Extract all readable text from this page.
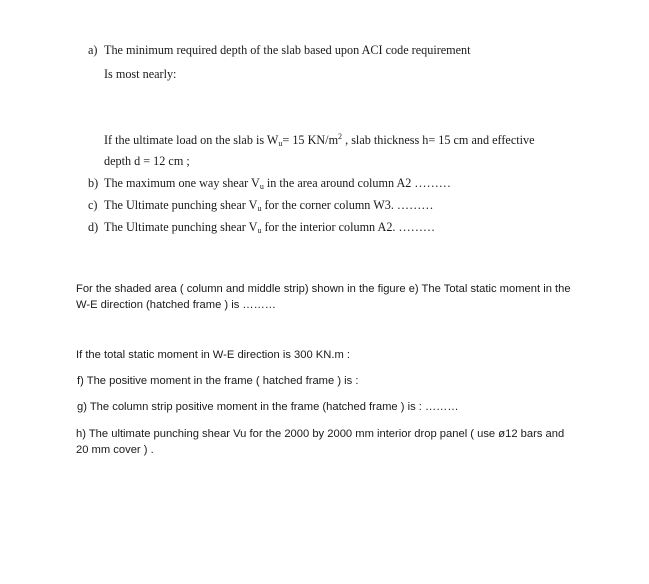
a) The minimum required depth of the slab based upon ACI code requirement
Is most nearly:
If the ultimate load on the slab is $W_u= 15$ $KN/m^2$ , slab thickness h= 15 cm and effective
depth d = 12 cm ;
b) The maximum one way shear $V_u$ in the area around column A2 ………
c) The Ultimate punching shear $V_u$ for the corner column W3. ………
d) The Ultimate punching shear $V_u$ for the interior column A2. ………
For the shaded area ( column and middle strip) shown in the figure e) The Total static moment in the W-E direction (hatched frame ) is ………
If the total static moment in W-E direction is 300 KN.m :
f) The positive moment in the frame ( hatched frame ) is :
g) The column strip positive moment in the frame (hatched frame ) is : ………
h) The ultimate punching shear Vu for the 2000 by 2000 mm interior drop panel ( use ø12 bars and 20 mm cover ) .
